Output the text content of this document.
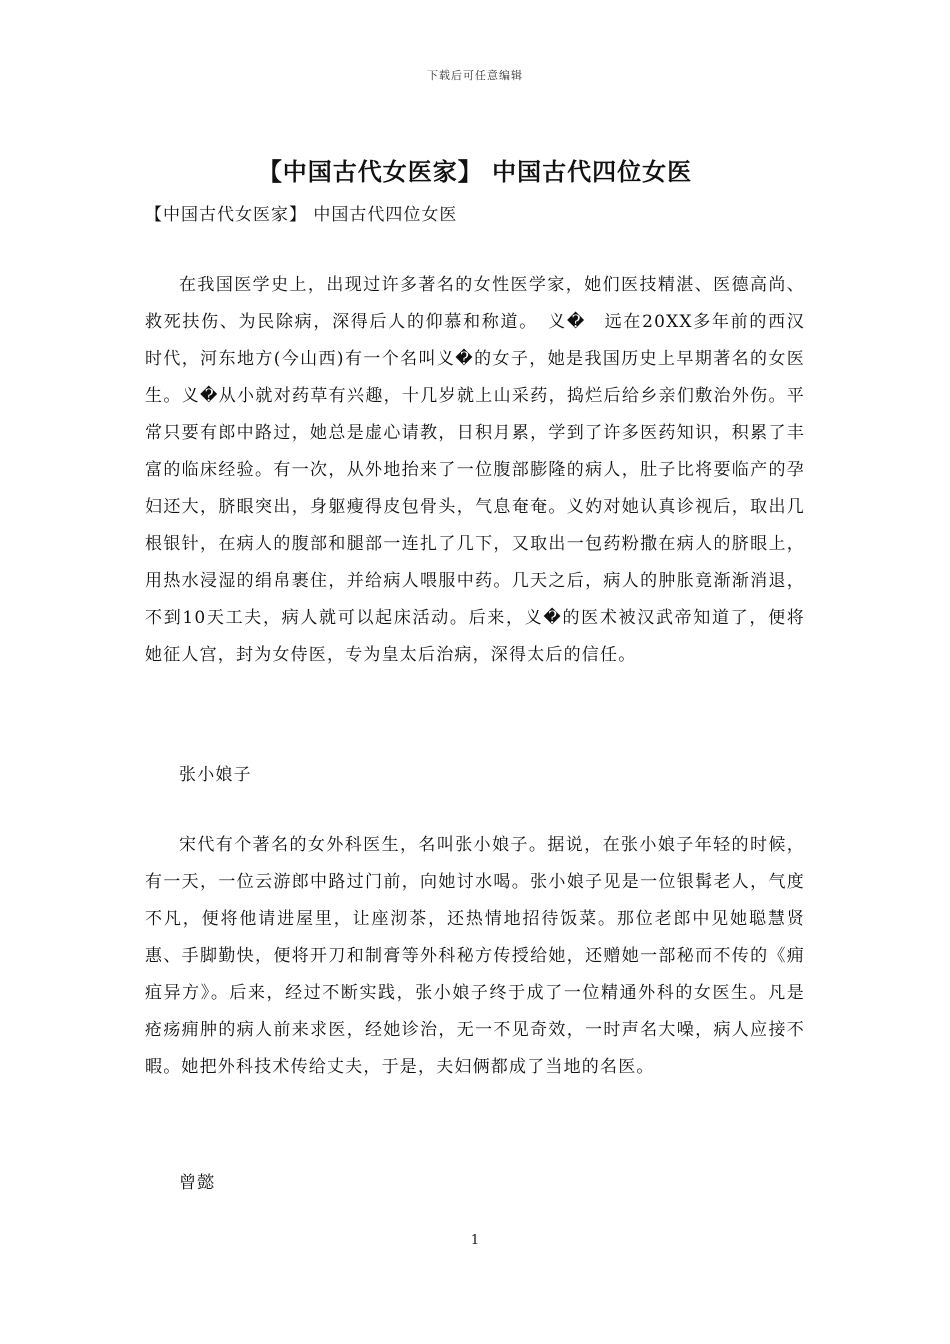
下载后可任意编辑
【中国古代女医家】 中国古代四位女医
【中国古代女医家】 中国古代四位女医

在我国医学史上，出现过许多著名的女性医学家，她们医技精湛、医德高尚、救死扶伤、为民除病，深得后人的仰慕和称道。　义�　远在20XX多年前的西汉时代，河东地方(今山西)有一个名叫义�的女子，她是我国历史上早期著名的女医生。义�从小就对药草有兴趣，十几岁就上山采药，捣烂后给乡亲们敷治外伤。平常只要有郎中路过，她总是虚心请教，日积月累，学到了许多医药知识，积累了丰富的临床经验。有一次，从外地抬来了一位腹部膨隆的病人，肚子比将要临产的孕妇还大，脐眼突出，身躯瘦得皮包骨头，气息奄奄。义妁对她认真诊视后，取出几根银针，在病人的腹部和腿部一连扎了几下，又取出一包药粉撒在病人的脐眼上，用热水浸湿的绢帛裹住，并给病人喂服中药。几天之后，病人的肿胀竟渐渐消退，不到10天工夫，病人就可以起床活动。后来，义�的医术被汉武帝知道了，便将她征人宫，封为女侍医，专为皇太后治病，深得太后的信任。

张小娘子

宋代有个著名的女外科医生，名叫张小娘子。据说，在张小娘子年轻的时候，有一天，一位云游郎中路过门前，向她讨水喝。张小娘子见是一位银髯老人，气度不凡，便将他请进屋里，让座沏茶，还热情地招待饭菜。那位老郎中见她聪慧贤惠、手脚勤快，便将开刀和制膏等外科秘方传授给她，还赠她一部秘而不传的《痈疽异方》。后来，经过不断实践，张小娘子终于成了一位精通外科的女医生。凡是疮疡痈肿的病人前来求医，经她诊治，无一不见奇效，一时声名大噪，病人应接不暇。她把外科技术传给丈夫，于是，夫妇俩都成了当地的名医。

曾懿

1
